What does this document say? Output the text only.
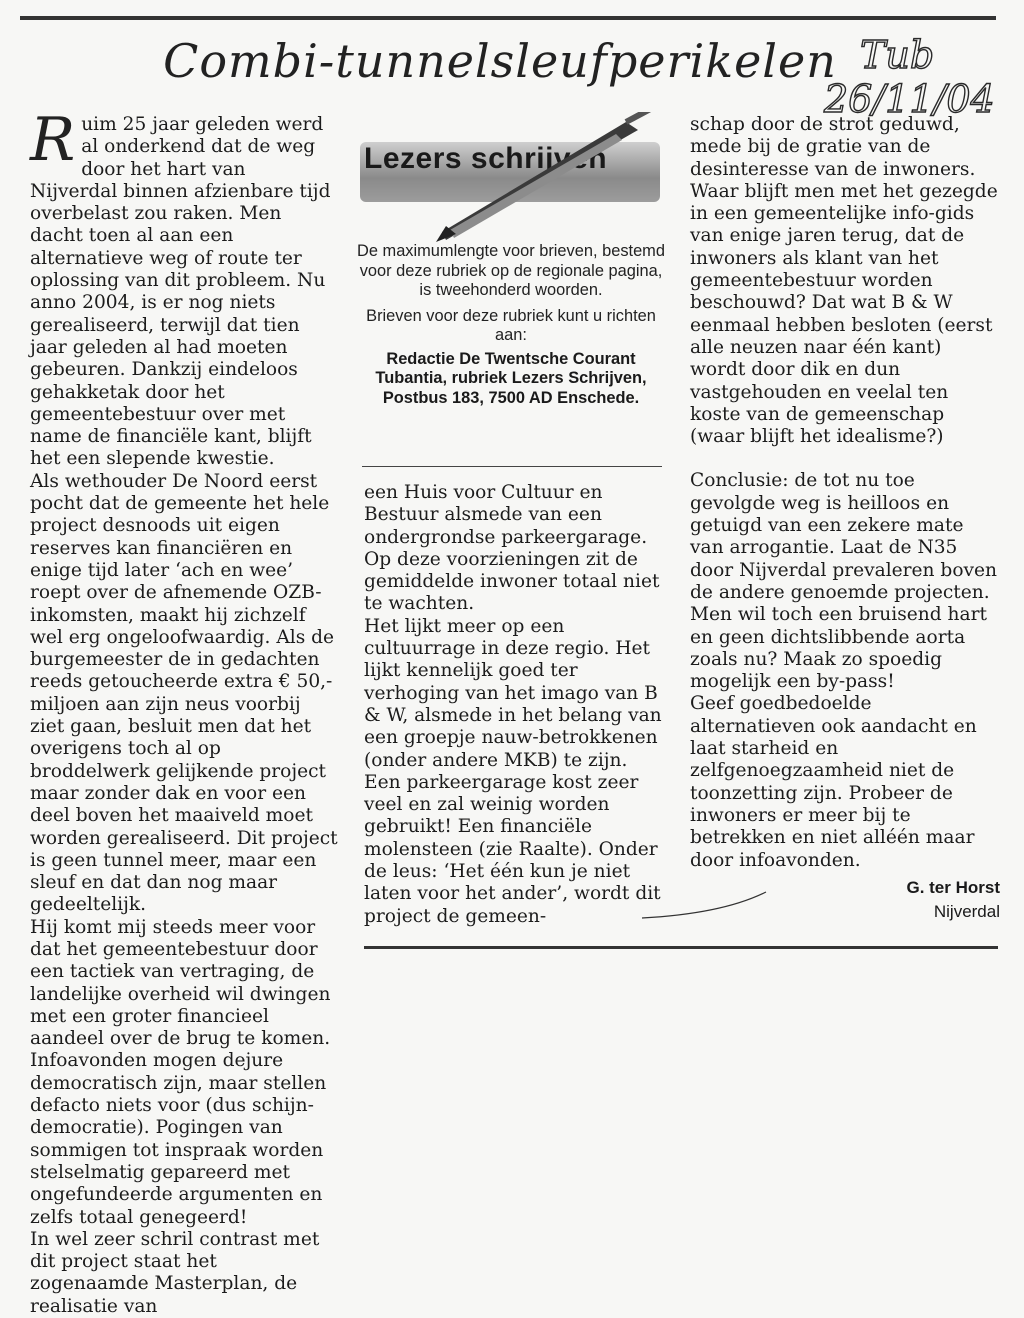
Combi-tunnelsleufperikelen Tub
26/11/04
R uim 25 jaar geleden werd al onderkend dat de weg door het hart van Nijverdal binnen afzienbare tijd overbelast zou raken. Men dacht toen al aan een alternatieve weg of route ter oplossing van dit probleem. Nu anno 2004, is er nog niets gerealiseerd, terwijl dat tien jaar geleden al had moeten gebeuren. Dankzij eindeloos gehakketak door het gemeentebestuur over met name de financiële kant, blijft het een slepende kwestie.

Als wethouder De Noord eerst pocht dat de gemeente het hele project desnoods uit eigen reserves kan financiëren en enige tijd later ‘ach en wee’ roept over de afnemende OZB-inkomsten, maakt hij zichzelf wel erg ongeloofwaardig. Als de burgemeester de in gedachten reeds getoucheerde extra € 50,- miljoen aan zijn neus voorbij ziet gaan, besluit men dat het overigens toch al op broddelwerk gelijkende project maar zonder dak en voor een deel boven het maaiveld moet worden gerealiseerd. Dit project is geen tunnel meer, maar een sleuf en dat dan nog maar gedeeltelijk.

Hij komt mij steeds meer voor dat het gemeentebestuur door een tactiek van vertraging, de landelijke overheid wil dwingen met een groter financieel aandeel over de brug te komen. Infoavonden mogen dejure democratisch zijn, maar stellen defacto niets voor (dus schijn-democratie). Pogingen van sommigen tot inspraak worden stelselmatig gepareerd met ongefundeerde argumenten en zelfs totaal genegeerd!

In wel zeer schril contrast met dit project staat het zogenaamde Masterplan, de realisatie van

Lezers schrijven

De maximumlengte voor brieven, bestemd voor deze rubriek op de regionale pagina, is tweehonderd woorden.

Brieven voor deze rubriek kunt u richten aan:

Redactie De Twentsche Courant Tubantia, rubriek Lezers Schrijven, Postbus 183, 7500 AD Enschede.

een Huis voor Cultuur en Bestuur alsmede van een ondergrondse parkeergarage. Op deze voorzieningen zit de gemiddelde inwoner totaal niet te wachten.

Het lijkt meer op een cultuurrage in deze regio. Het lijkt kennelijk goed ter verhoging van het imago van B & W, alsmede in het belang van een groepje nauw-betrokkenen (onder andere MKB) te zijn. Een parkeergarage kost zeer veel en zal weinig worden gebruikt! Een financiële molensteen (zie Raalte). Onder de leus: ‘Het één kun je niet laten voor het ander’, wordt dit project de gemeen-

schap door de strot geduwd, mede bij de gratie van de desinteresse van de inwoners. Waar blijft men met het gezegde in een gemeentelijke info-gids van enige jaren terug, dat de inwoners als klant van het gemeentebestuur worden beschouwd? Dat wat B & W eenmaal hebben besloten (eerst alle neuzen naar één kant) wordt door dik en dun vastgehouden en veelal ten koste van de gemeenschap (waar blijft het idealisme?)

Conclusie: de tot nu toe gevolgde weg is heilloos en getuigd van een zekere mate van arrogantie. Laat de N35 door Nijverdal prevaleren boven de andere genoemde projecten. Men wil toch een bruisend hart en geen dichtslibbende aorta zoals nu? Maak zo spoedig mogelijk een by-pass!

Geef goedbedoelde alternatieven ook aandacht en laat starheid en zelfgenoegzaamheid niet de toonzetting zijn. Probeer de inwoners er meer bij te betrekken en niet alléén maar door infoavonden.

G. ter Horst
Nijverdal
